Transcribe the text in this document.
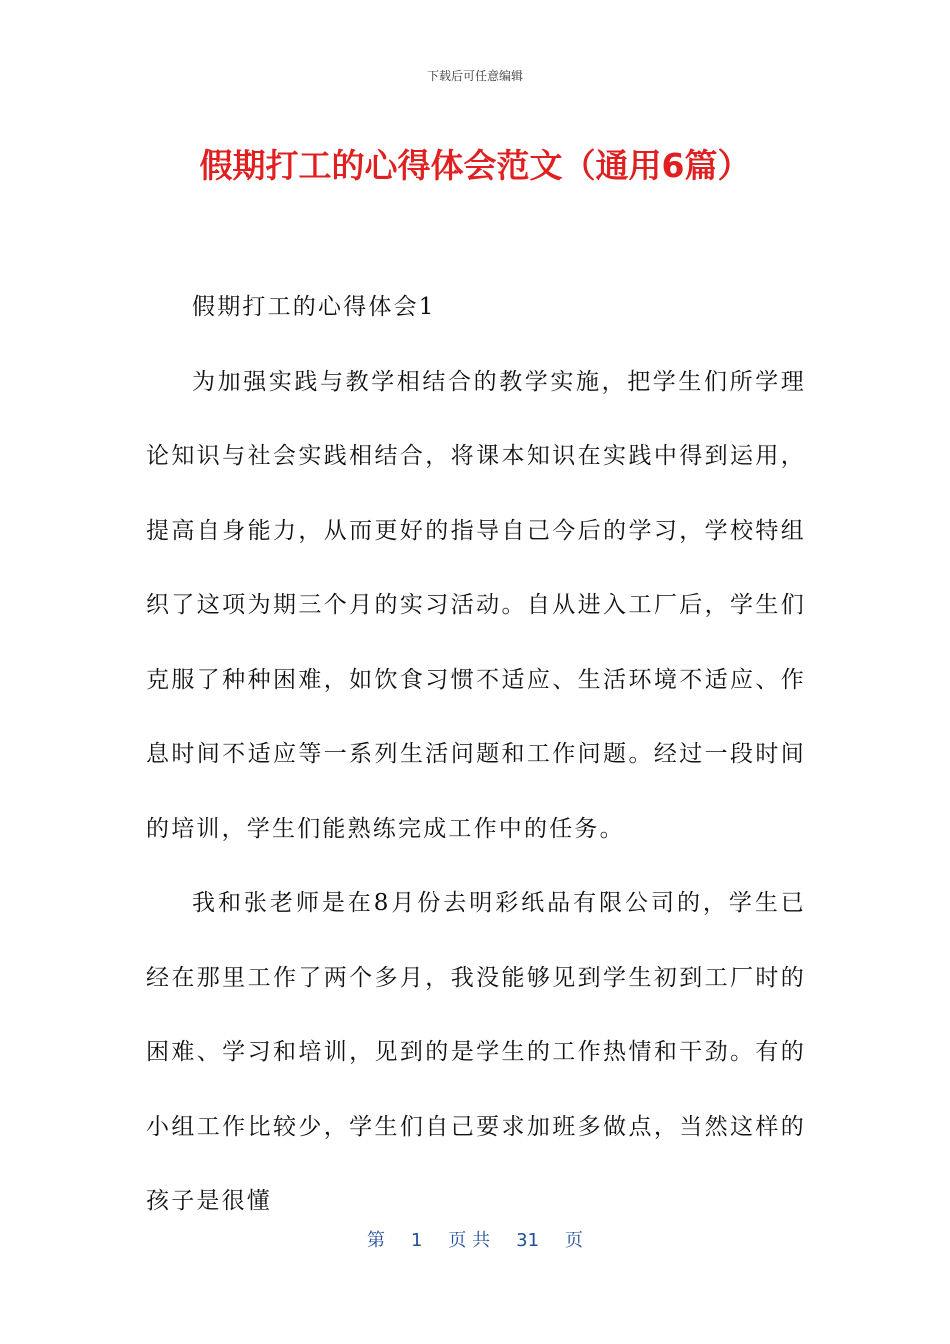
下载后可任意编辑
假期打工的心得体会范文（通用6篇）

假期打工的心得体会1

为加强实践与教学相结合的教学实施，把学生们所学理论知识与社会实践相结合，将课本知识在实践中得到运用，提高自身能力，从而更好的指导自己今后的学习，学校特组织了这项为期三个月的实习活动。自从进入工厂后，学生们克服了种种困难，如饮食习惯不适应、生活环境不适应、作息时间不适应等一系列生活问题和工作问题。经过一段时间的培训，学生们能熟练完成工作中的任务。

我和张老师是在8月份去明彩纸品有限公司的，学生已经在那里工作了两个多月，我没能够见到学生初到工厂时的困难、学习和培训，见到的是学生的工作热情和干劲。有的小组工作比较少，学生们自己要求加班多做点，当然这样的孩子是很懂

第 1 页 共 31 页
